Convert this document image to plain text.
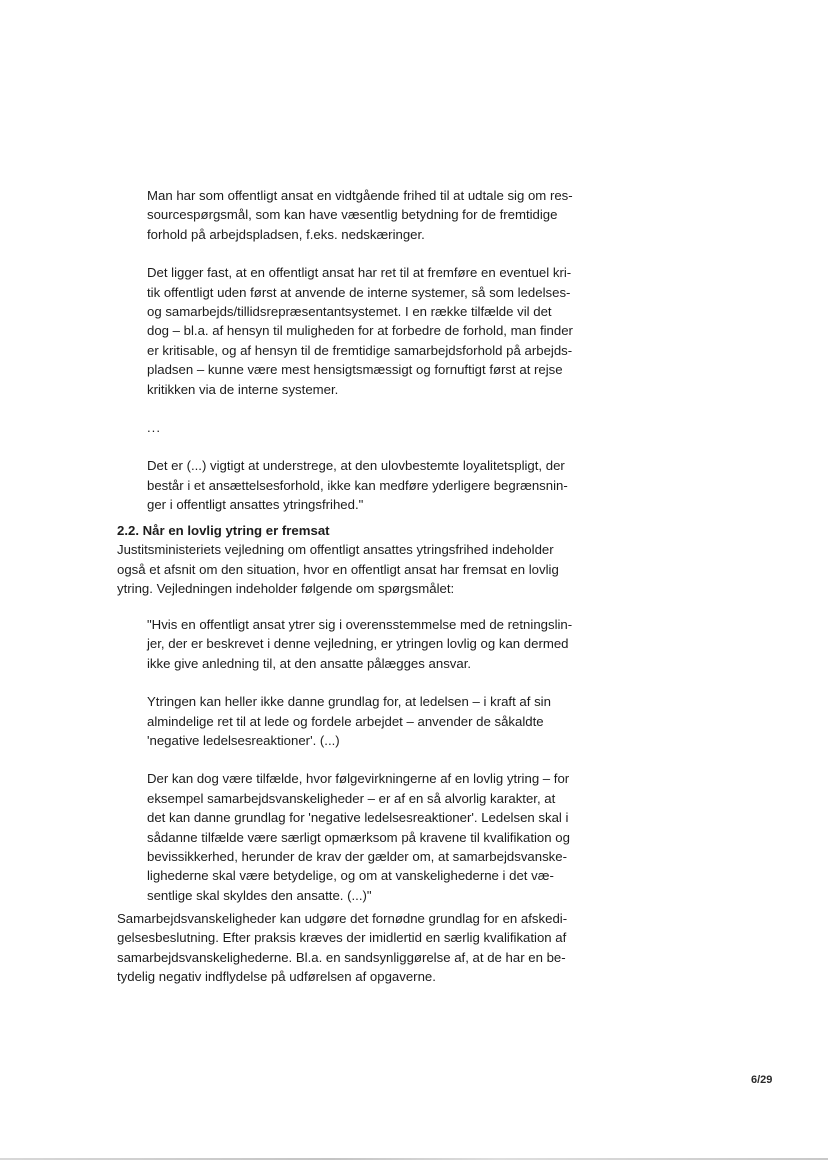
Man har som offentligt ansat en vidtgående frihed til at udtale sig om res-
sourcespørgsmål, som kan have væsentlig betydning for de fremtidige
forhold på arbejdspladsen, f.eks. nedskæringer.

Det ligger fast, at en offentligt ansat har ret til at fremføre en eventuel kri-
tik offentligt uden først at anvende de interne systemer, så som ledelses-
og samarbejds/tillidsrepræsentantsystemet. I en række tilfælde vil det
dog – bl.a. af hensyn til muligheden for at forbedre de forhold, man finder
er kritisable, og af hensyn til de fremtidige samarbejdsforhold på arbejds-
pladsen – kunne være mest hensigtsmæssigt og fornuftigt først at rejse
kritikken via de interne systemer.

...

Det er (...) vigtigt at understrege, at den ulovbestemte loyalitetspligt, der
består i et ansættelsesforhold, ikke kan medføre yderligere begrænsnin-
ger i offentligt ansattes ytringsfrihed."

2.2. Når en lovlig ytring er fremsat

Justitsministeriets vejledning om offentligt ansattes ytringsfrihed indeholder
også et afsnit om den situation, hvor en offentligt ansat har fremsat en lovlig
ytring. Vejledningen indeholder følgende om spørgsmålet:

"Hvis en offentligt ansat ytrer sig i overensstemmelse med de retningslin-
jer, der er beskrevet i denne vejledning, er ytringen lovlig og kan dermed
ikke give anledning til, at den ansatte pålægges ansvar.

Ytringen kan heller ikke danne grundlag for, at ledelsen – i kraft af sin
almindelige ret til at lede og fordele arbejdet – anvender de såkaldte
'negative ledelsesreaktioner'. (...)

Der kan dog være tilfælde, hvor følgevirkningerne af en lovlig ytring – for
eksempel samarbejdsvanskeligheder – er af en så alvorlig karakter, at
det kan danne grundlag for 'negative ledelsesreaktioner'. Ledelsen skal i
sådanne tilfælde være særligt opmærksom på kravene til kvalifikation og
bevissikkerhed, herunder de krav der gælder om, at samarbejdsvanske-
lighederne skal være betydelige, og om at vanskelighederne i det væ-
sentlige skal skyldes den ansatte. (...)"

Samarbejdsvanskeligheder kan udgøre det fornødne grundlag for en afskedi-
gelsesbeslutning. Efter praksis kræves der imidlertid en særlig kvalifikation af
samarbejdsvanskelighederne. Bl.a. en sandsynliggørelse af, at de har en be-
tydelig negativ indflydelse på udførelsen af opgaverne.

6/29
